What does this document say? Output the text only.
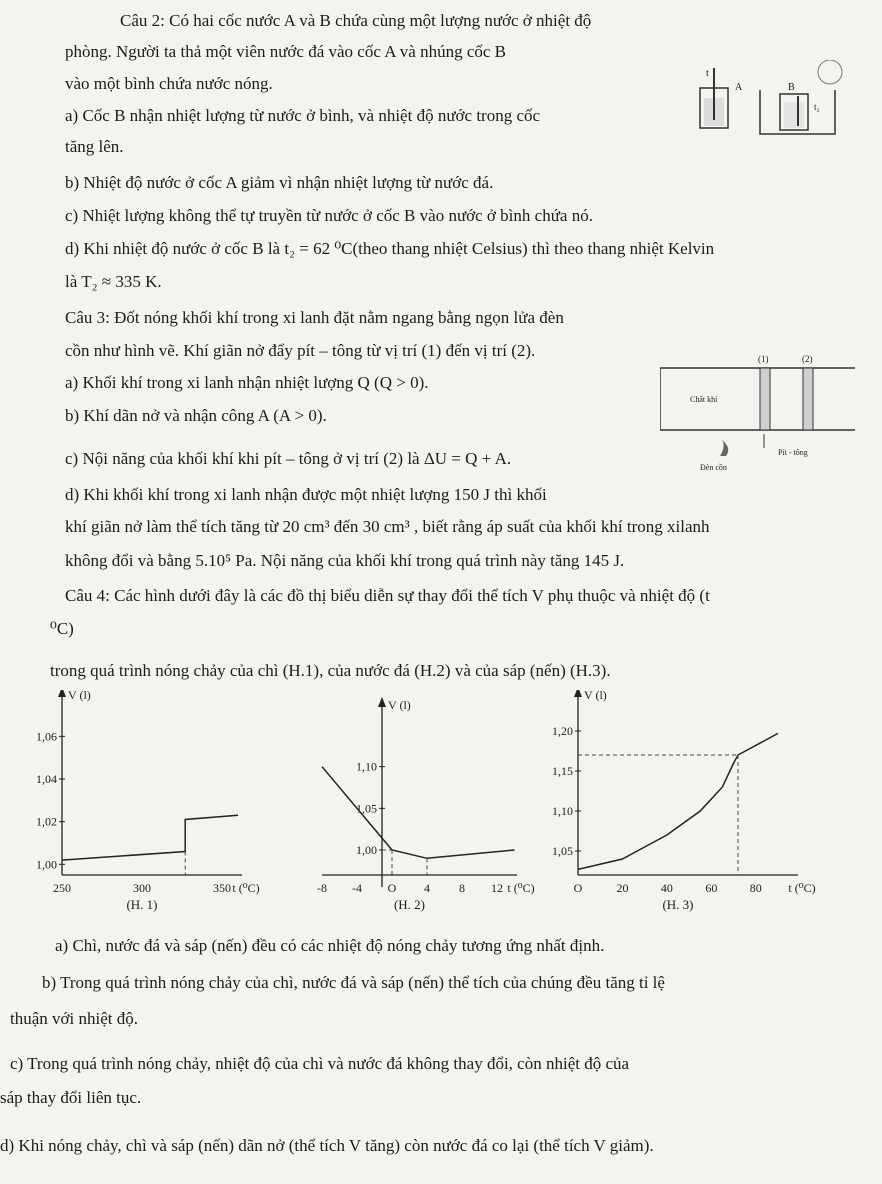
Câu 2: Có hai cốc nước A và B chứa cùng một lượng nước ở nhiệt độ
phòng. Người ta thả một viên nước đá vào cốc A và nhúng cốc B
vào một bình chứa nước nóng.
a) Cốc B nhận nhiệt lượng từ nước ở bình, và nhiệt độ nước trong cốc
tăng lên.
b) Nhiệt độ nước ở cốc A giảm vì nhận nhiệt lượng từ nước đá.
c) Nhiệt lượng không thể tự truyền từ nước ở cốc B vào nước ở bình chứa nó.
d) Khi nhiệt độ nước ở cốc B là t₂ = 62 ⁰C(theo thang nhiệt Celsius) thì theo thang nhiệt Kelvin
là T₂ ≈ 335 K.
t
A	B
t₂
Câu 3: Đốt nóng khối khí trong xi lanh đặt nằm ngang bằng ngọn lửa đèn
cồn như hình vẽ. Khí giãn nở đẩy pít – tông từ vị trí (1) đến vị trí (2).
a) Khối khí trong xi lanh nhận nhiệt lượng Q (Q > 0).
b) Khí dãn nở và nhận công A (A > 0).
c) Nội năng của khối khí khi pít – tông ở vị trí (2) là ΔU = Q + A.
d) Khi khối khí trong xi lanh nhận được một nhiệt lượng 150 J thì khối
khí giãn nở làm thể tích tăng từ 20 cm³ đến 30 cm³ , biết rằng áp suất của khối khí trong xilanh
không đổi và bằng 5.10⁵ Pa. Nội năng của khối khí trong quá trình này tăng 145 J.
(1)	(2)
Chất khí
Pít - tông
Đèn cồn
Câu 4: Các hình dưới đây là các đồ thị biểu diễn sự thay đổi thể tích V phụ thuộc và nhiệt độ (t
⁰C)
trong quá trình nóng chảy của chì (H.1), của nước đá (H.2) và của sáp (nến) (H.3).
V (l)
t (⁰C)
250	300	350
1,00
1,02
1,04
1,06
(H. 1)
V (l)
t (⁰C)
-8 -4 O 4 8 12
1,00
1,05
1,10
(H. 2)
V (l)
t (⁰C)
O	20	40	60	80
1,05
1,10
1,15
1,20
(H. 3)
a) Chì, nước đá và sáp (nến) đều có các nhiệt độ nóng chảy tương ứng nhất định.
b) Trong quá trình nóng chảy của chì, nước đá và sáp (nến) thể tích của chúng đều tăng tỉ lệ
thuận với nhiệt độ.
c) Trong quá trình nóng chảy, nhiệt độ của chì và nước đá không thay đổi, còn nhiệt độ của
sáp thay đổi liên tục.
d) Khi nóng chảy, chì và sáp (nến) dãn nở (thể tích V tăng) còn nước đá co lại (thể tích V giảm).
